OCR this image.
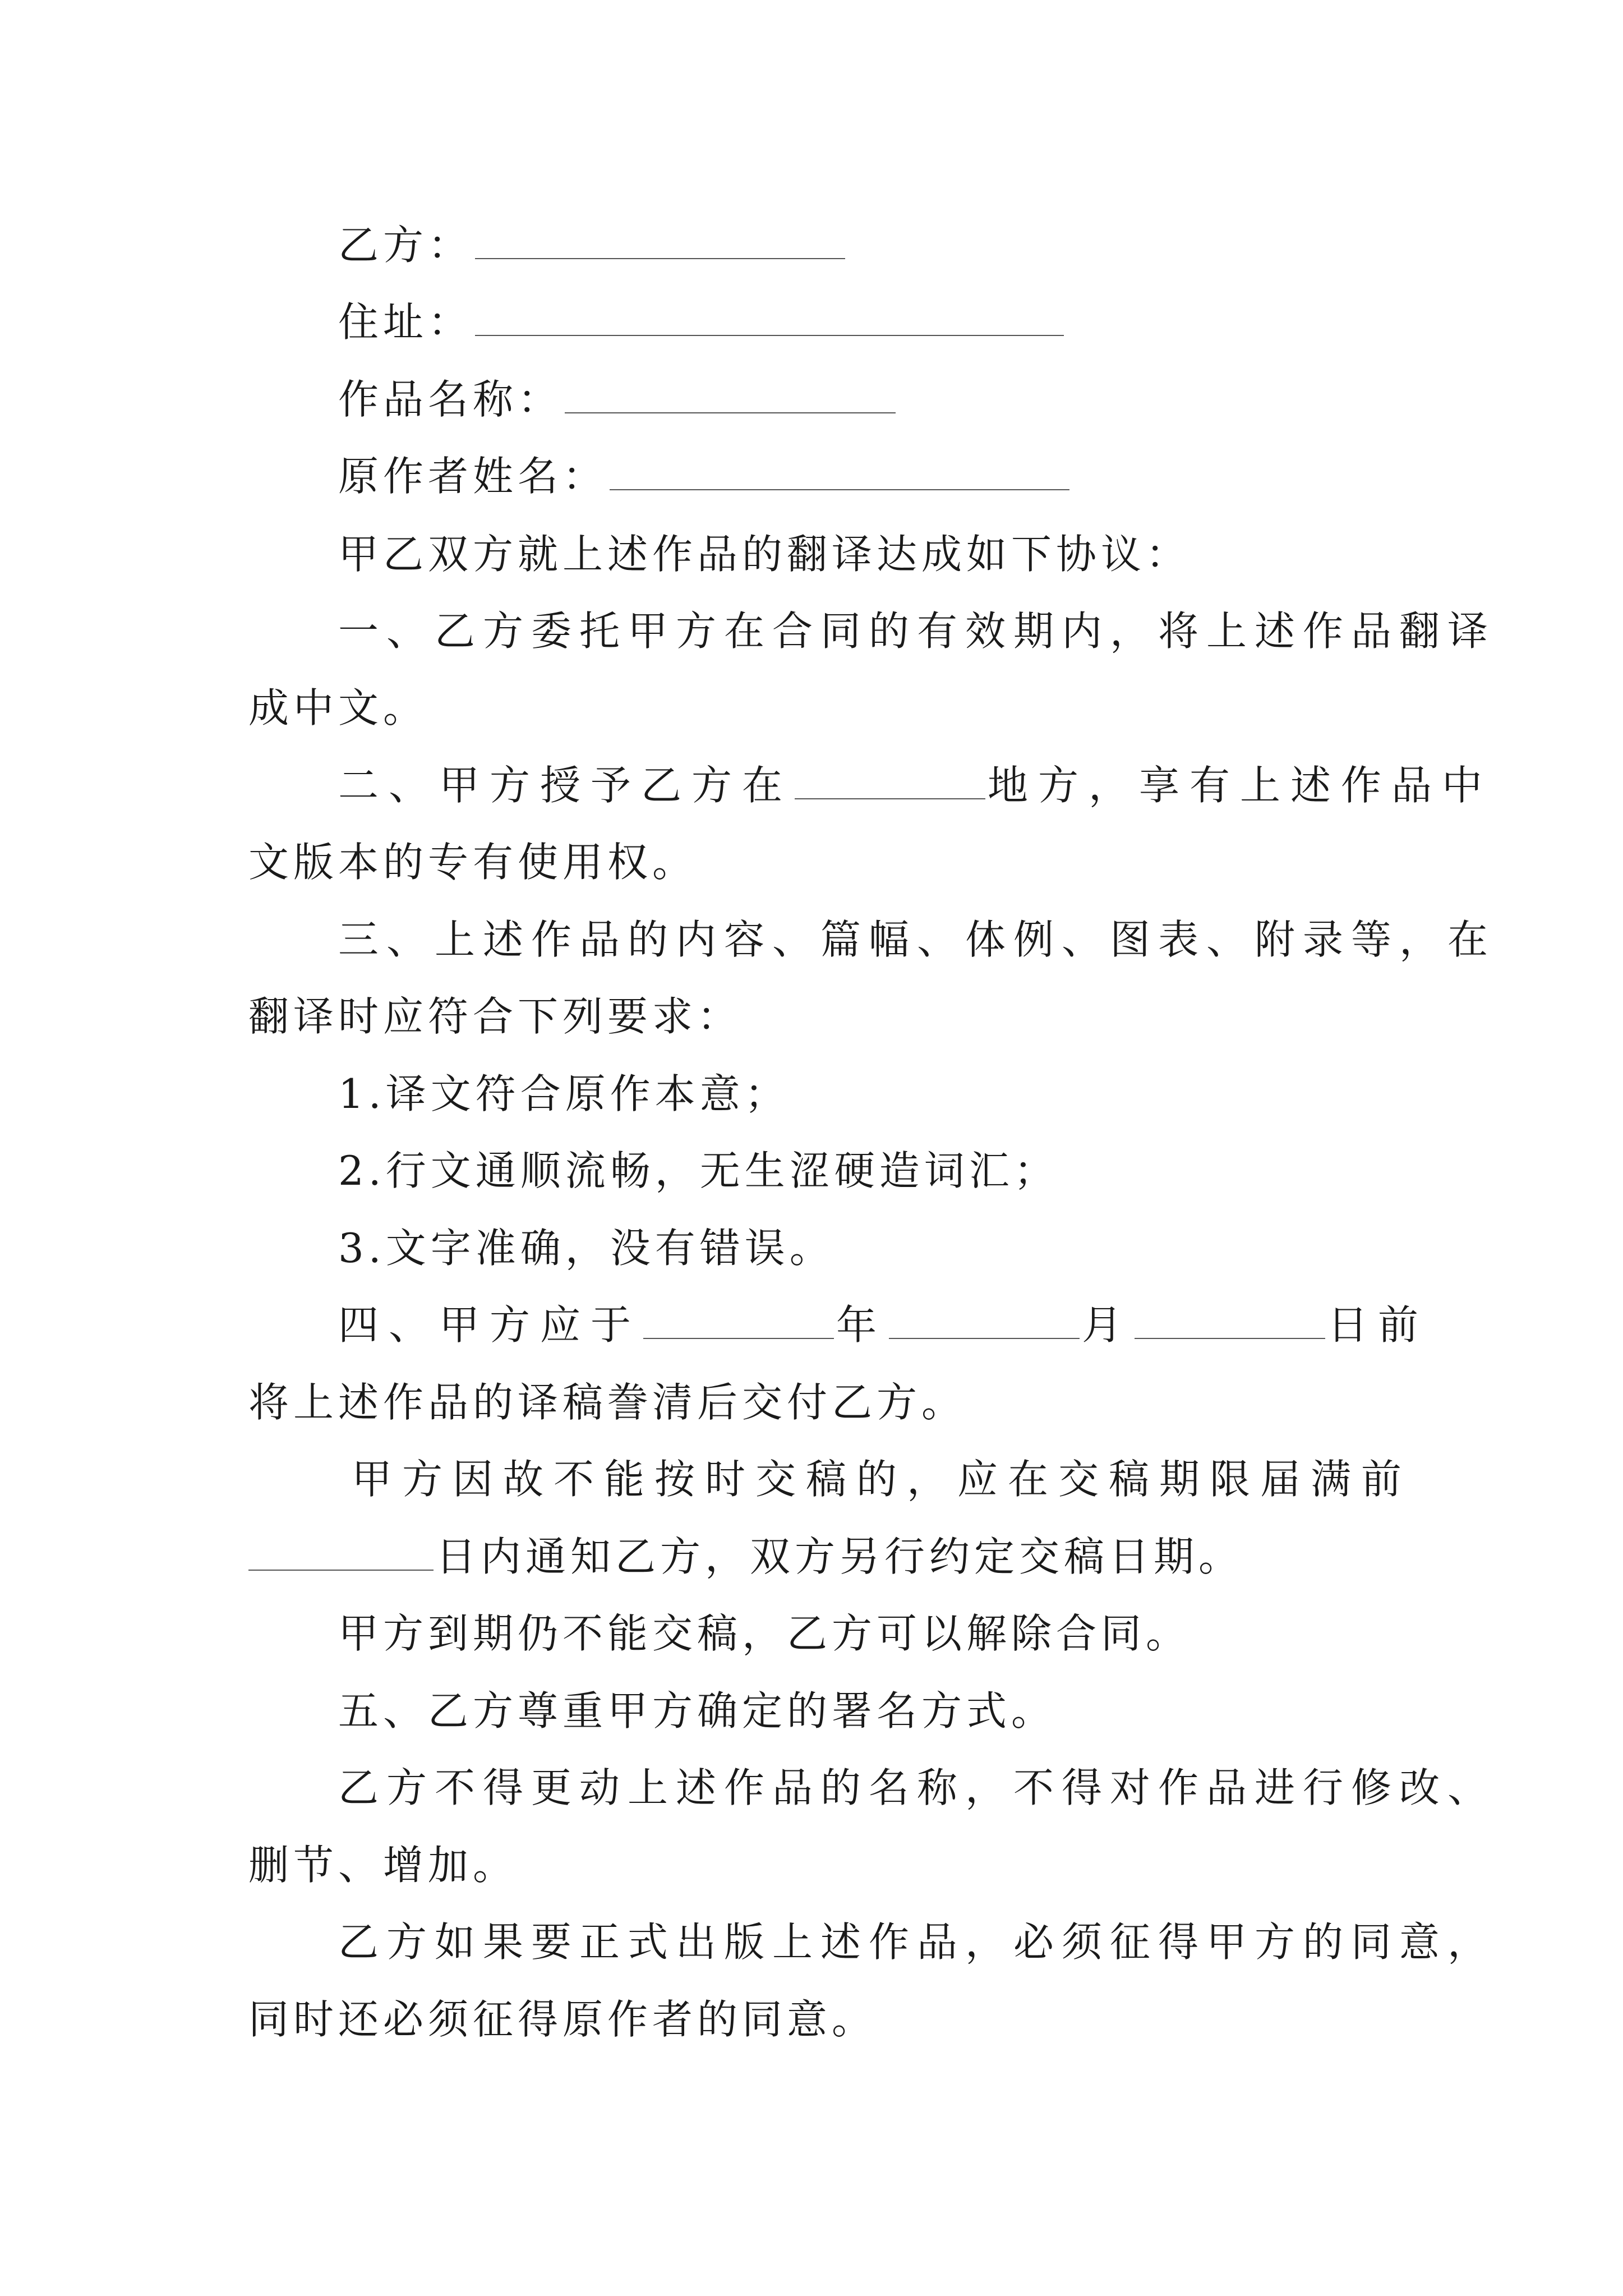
乙方：
住址：
作品名称：
原作者姓名：
甲乙双方就上述作品的翻译达成如下协议：
一、乙方委托甲方在合同的有效期内，将上述作品翻译
成中文。
二、甲方授予乙方在	地方，享有上述作品中
文版本的专有使用权。
三、上述作品的内容、篇幅、体例、图表、附录等，在
翻译时应符合下列要求：
1.译文符合原作本意；
2.行文通顺流畅，无生涩硬造词汇；
3.文字准确，没有错误。
四、甲方应于	年	月	日前
将上述作品的译稿誊清后交付乙方。
甲方因故不能按时交稿的，应在交稿期限届满前
日内通知乙方，双方另行约定交稿日期。
甲方到期仍不能交稿，乙方可以解除合同。
五、乙方尊重甲方确定的署名方式。
乙方不得更动上述作品的名称，不得对作品进行修改、
删节、增加。
乙方如果要正式出版上述作品，必须征得甲方的同意，
同时还必须征得原作者的同意。
